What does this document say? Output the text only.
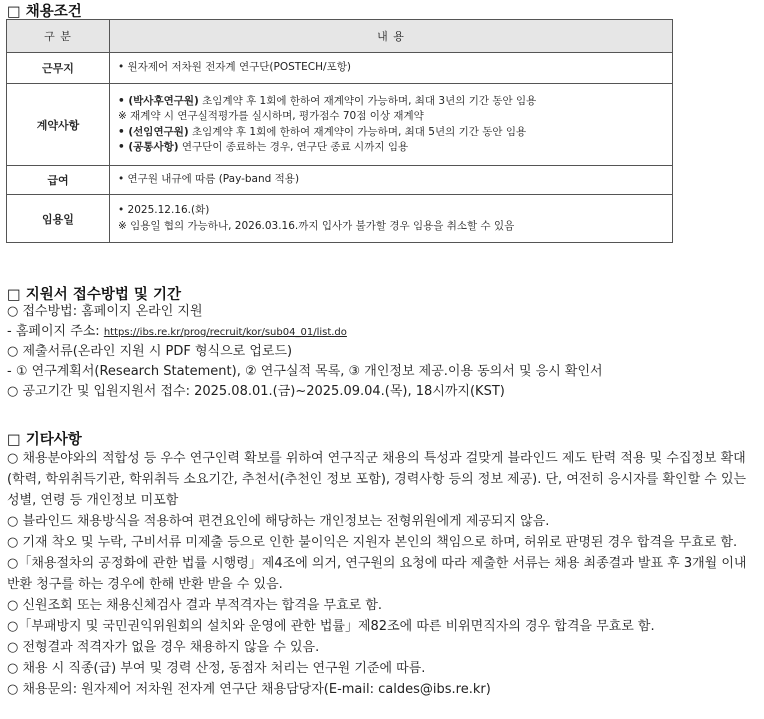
□ 채용조건
구 분	내 용
근무지	• 원자제어 저차원 전자계 연구단(POSTECH/포항)

계약사항	• (박사후연구원) 초임계약 후 1회에 한하여 재계약이 가능하며, 최대 3년의 기간 동안 임용
※ 재계약 시 연구실적평가를 실시하며, 평가점수 70점 이상 재계약
• (선임연구원) 초임계약 후 1회에 한하여 재계약이 가능하며, 최대 5년의 기간 동안 임용
• (공통사항) 연구단이 종료하는 경우, 연구단 종료 시까지 임용

급여	• 연구원 내규에 따름 (Pay-band 적용)

임용일	• 2025.12.16.(화)
※ 임용일 협의 가능하나, 2026.03.16.까지 입사가 불가할 경우 임용을 취소할 수 있음
□ 지원서 접수방법 및 기간
○ 접수방법: 홈페이지 온라인 지원
- 홈페이지 주소: https://ibs.re.kr/prog/recruit/kor/sub04_01/list.do
○ 제출서류(온라인 지원 시 PDF 형식으로 업로드)
- ① 연구계획서(Research Statement), ② 연구실적 목록, ③ 개인정보 제공.이용 동의서 및 응시 확인서
○ 공고기간 및 입원지원서 접수: 2025.08.01.(금)~2025.09.04.(목), 18시까지(KST)
□ 기타사항

○ 채용분야와의 적합성 등 우수 연구인력 확보를 위하여 연구직군 채용의 특성과 걸맞게 블라인드 제도 탄력 적용 및 수집정보 확대(학력, 학위취득기관, 학위취득 소요기간, 추천서(추천인 정보 포함), 경력사항 등의 정보 제공). 단, 여전히 응시자를 확인할 수 있는 성별, 연령 등 개인정보 미포함

○ 블라인드 채용방식을 적용하여 편견요인에 해당하는 개인정보는 전형위원에게 제공되지 않음.

○ 기재 착오 및 누락, 구비서류 미제출 등으로 인한 불이익은 지원자 본인의 책임으로 하며, 허위로 판명된 경우 합격을 무효로 함.

○「채용절차의 공정화에 관한 법률 시행령」제4조에 의거, 연구원의 요청에 따라 제출한 서류는 채용 최종결과 발표 후 3개월 이내 반환 청구를 하는 경우에 한해 반환 받을 수 있음.

○ 신원조회 또는 채용신체검사 결과 부적격자는 합격을 무효로 함.

○「부패방지 및 국민권익위원회의 설치와 운영에 관한 법률」제82조에 따른 비위면직자의 경우 합격을 무효로 함.

○ 전형결과 적격자가 없을 경우 채용하지 않을 수 있음.

○ 채용 시 직종(급) 부여 및 경력 산정, 동점자 처리는 연구원 기준에 따름.

○ 채용문의: 원자제어 저차원 전자계 연구단 채용담당자(E-mail: caldes@ibs.re.kr)
